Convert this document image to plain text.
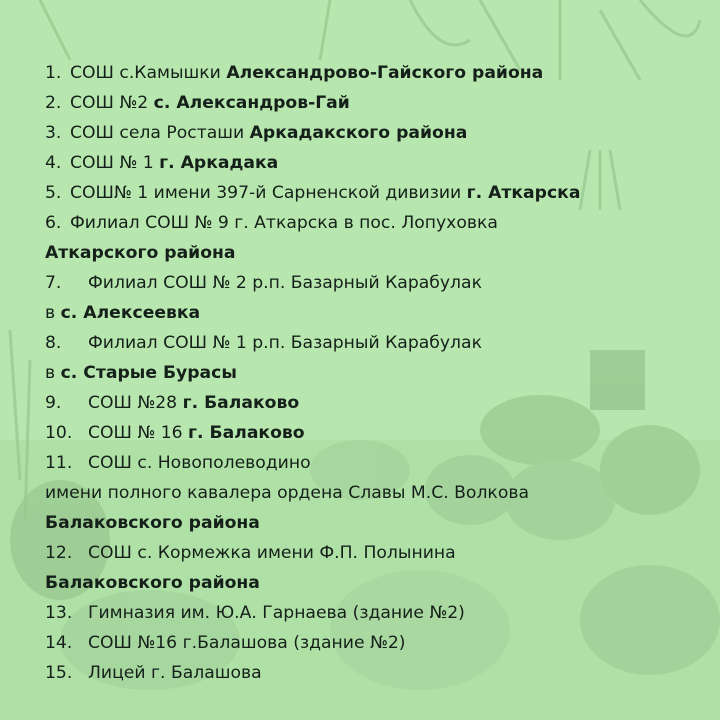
1. СОШ с.Камышки Александрово-Гайского района
2. СОШ №2 с. Александров-Гай
3. СОШ села Росташи Аркадакского района
4. СОШ № 1 г. Аркадака
5. СОШ№ 1 имени 397-й Сарненской дивизии г. Аткарска
6. Филиал СОШ № 9 г. Аткарска в пос. Лопуховка
Аткарского района
7. Филиал СОШ № 2 р.п. Базарный Карабулак
в с. Алексеевка
8. Филиал СОШ № 1 р.п. Базарный Карабулак
в с. Старые Бурасы
9. СОШ №28 г. Балаково
10. СОШ № 16 г. Балаково
11. СОШ с. Новополеводино
имени полного кавалера ордена Славы М.С. Волкова
Балаковского района
12. СОШ с. Кормежка имени Ф.П. Полынина
Балаковского района
13. Гимназия им. Ю.А. Гарнаева (здание №2)
14. СОШ №16 г.Балашова (здание №2)
15. Лицей г. Балашова
